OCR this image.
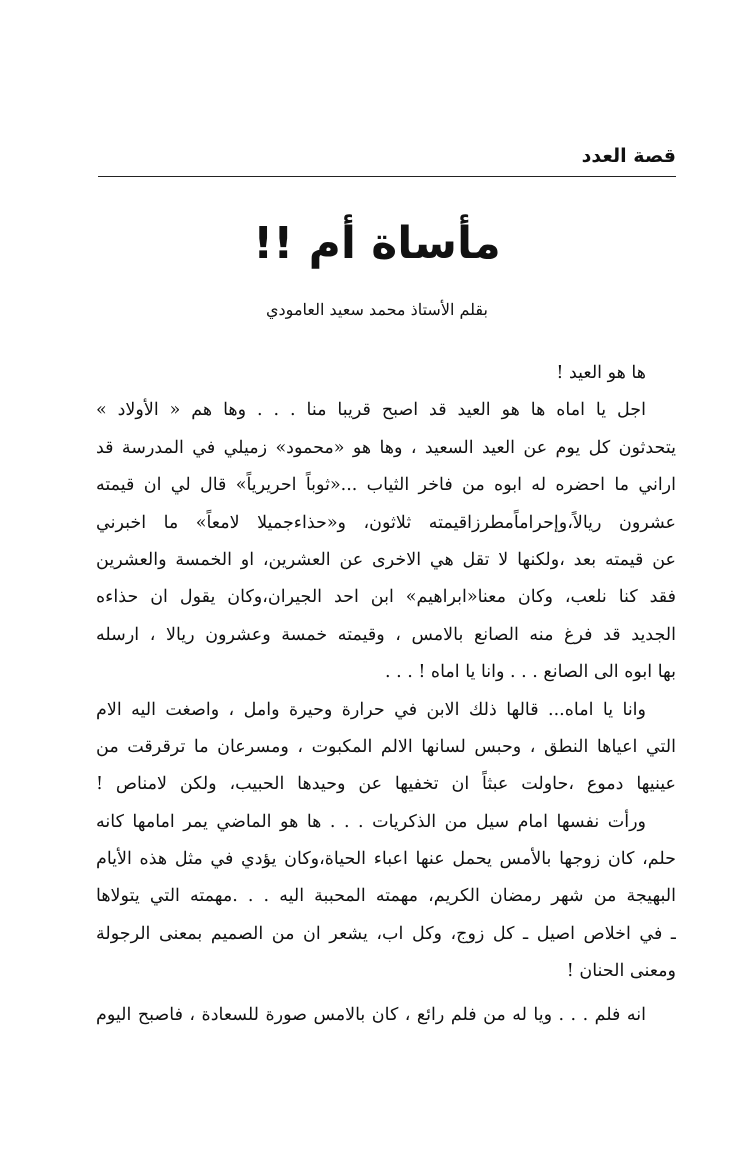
قصة العدد
مأساة أم !!
بقلم الأستاذ محمد سعيد العامودي
ها هو العيد !
اجل يا اماه ها هو العيد قد اصبح قريبا منا . . . وها هم « الأولاد »
يتحدثون كل يوم عن العيد السعيد ، وها هو «محمود» زميلي في المدرسة قد
اراني ما احضره له ابوه من فاخر الثياب ...«ثوباً احريرياً» قال لي ان قيمته
عشرون ريالاً،وإحراماًمطرزاقيمته ثلاثون، و«حذاءجميلا لامعاً» ما اخبرني
عن قيمته بعد ،ولكنها لا تقل هي الاخرى عن العشرين، او الخمسة والعشرين
فقد كنا نلعب، وكان معنا«ابراهيم» ابن احد الجيران،وكان يقول ان حذاءه
الجديد قد فرغ منه الصانع بالامس ، وقيمته خمسة وعشرون ريالا ، ارسله
بها ابوه الى الصانع . . . وانا يا اماه ! . . .
وانا يا اماه... قالها ذلك الابن في حرارة وحيرة وامل ، واصغت اليه الام
التي اعياها النطق ، وحبس لسانها الالم المكبوت ، ومسرعان ما ترقرقت من
عينيها دموع ،حاولت عبثاً ان تخفيها عن وحيدها الحبيب، ولكن لامناص !
ورأت نفسها امام سيل من الذكريات . . . ها هو الماضي يمر امامها كانه
حلم، كان زوجها بالأمس يحمل عنها اعباء الحياة،وكان يؤدي في مثل هذه الأيام
البهيجة من شهر رمضان الكريم، مهمته المحببة اليه . . .مهمته التي يتولاها
ـ في اخلاص اصيل ـ كل زوج، وكل اب، يشعر ان من الصميم بمعنى الرجولة
ومعنى الحنان !
انه فلم . . . ويا له من فلم رائع ، كان بالامس صورة للسعادة ، فاصبح اليوم
